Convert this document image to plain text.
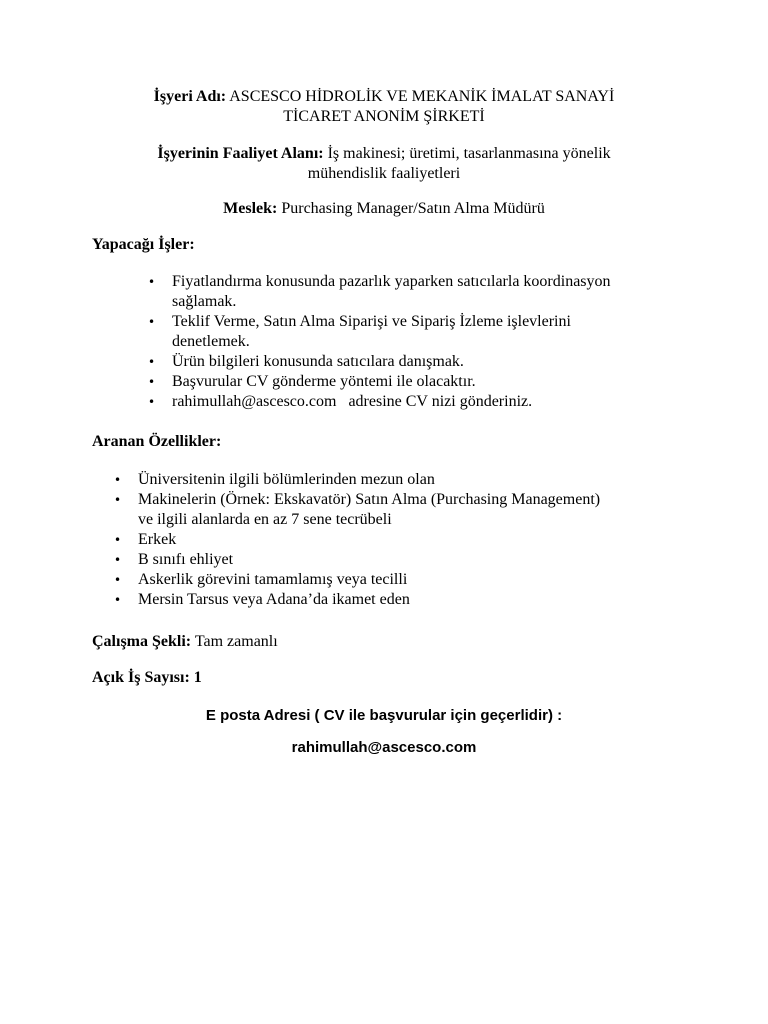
İşyeri Adı: ASCESCO HİDROLİK VE MEKANİK İMALAT SANAYİ
TİCARET ANONİM ŞİRKETİ
İşyerinin Faaliyet Alanı: İş makinesi; üretimi, tasarlanmasına yönelik
mühendislik faaliyetleri
Meslek: Purchasing Manager/Satın Alma Müdürü
Yapacağı İşler:
•	Fiyatlandırma konusunda pazarlık yaparken satıcılarla koordinasyon
sağlamak.
•	Teklif Verme, Satın Alma Siparişi ve Sipariş İzleme işlevlerini
denetlemek.
•	Ürün bilgileri konusunda satıcılara danışmak.
•	Başvurular CV gönderme yöntemi ile olacaktır.
•	rahimullah@ascesco.com   adresine CV nizi gönderiniz.
Aranan Özellikler:
•	Üniversitenin ilgili bölümlerinden mezun olan
•	Makinelerin (Örnek: Ekskavatör) Satın Alma (Purchasing Management)
ve ilgili alanlarda en az 7 sene tecrübeli
•	Erkek
•	B sınıfı ehliyet
•	Askerlik görevini tamamlamış veya tecilli
•	Mersin Tarsus veya Adana’da ikamet eden
Çalışma Şekli: Tam zamanlı
Açık İş Sayısı: 1
E posta Adresi ( CV ile başvurular için geçerlidir) :
rahimullah@ascesco.com
